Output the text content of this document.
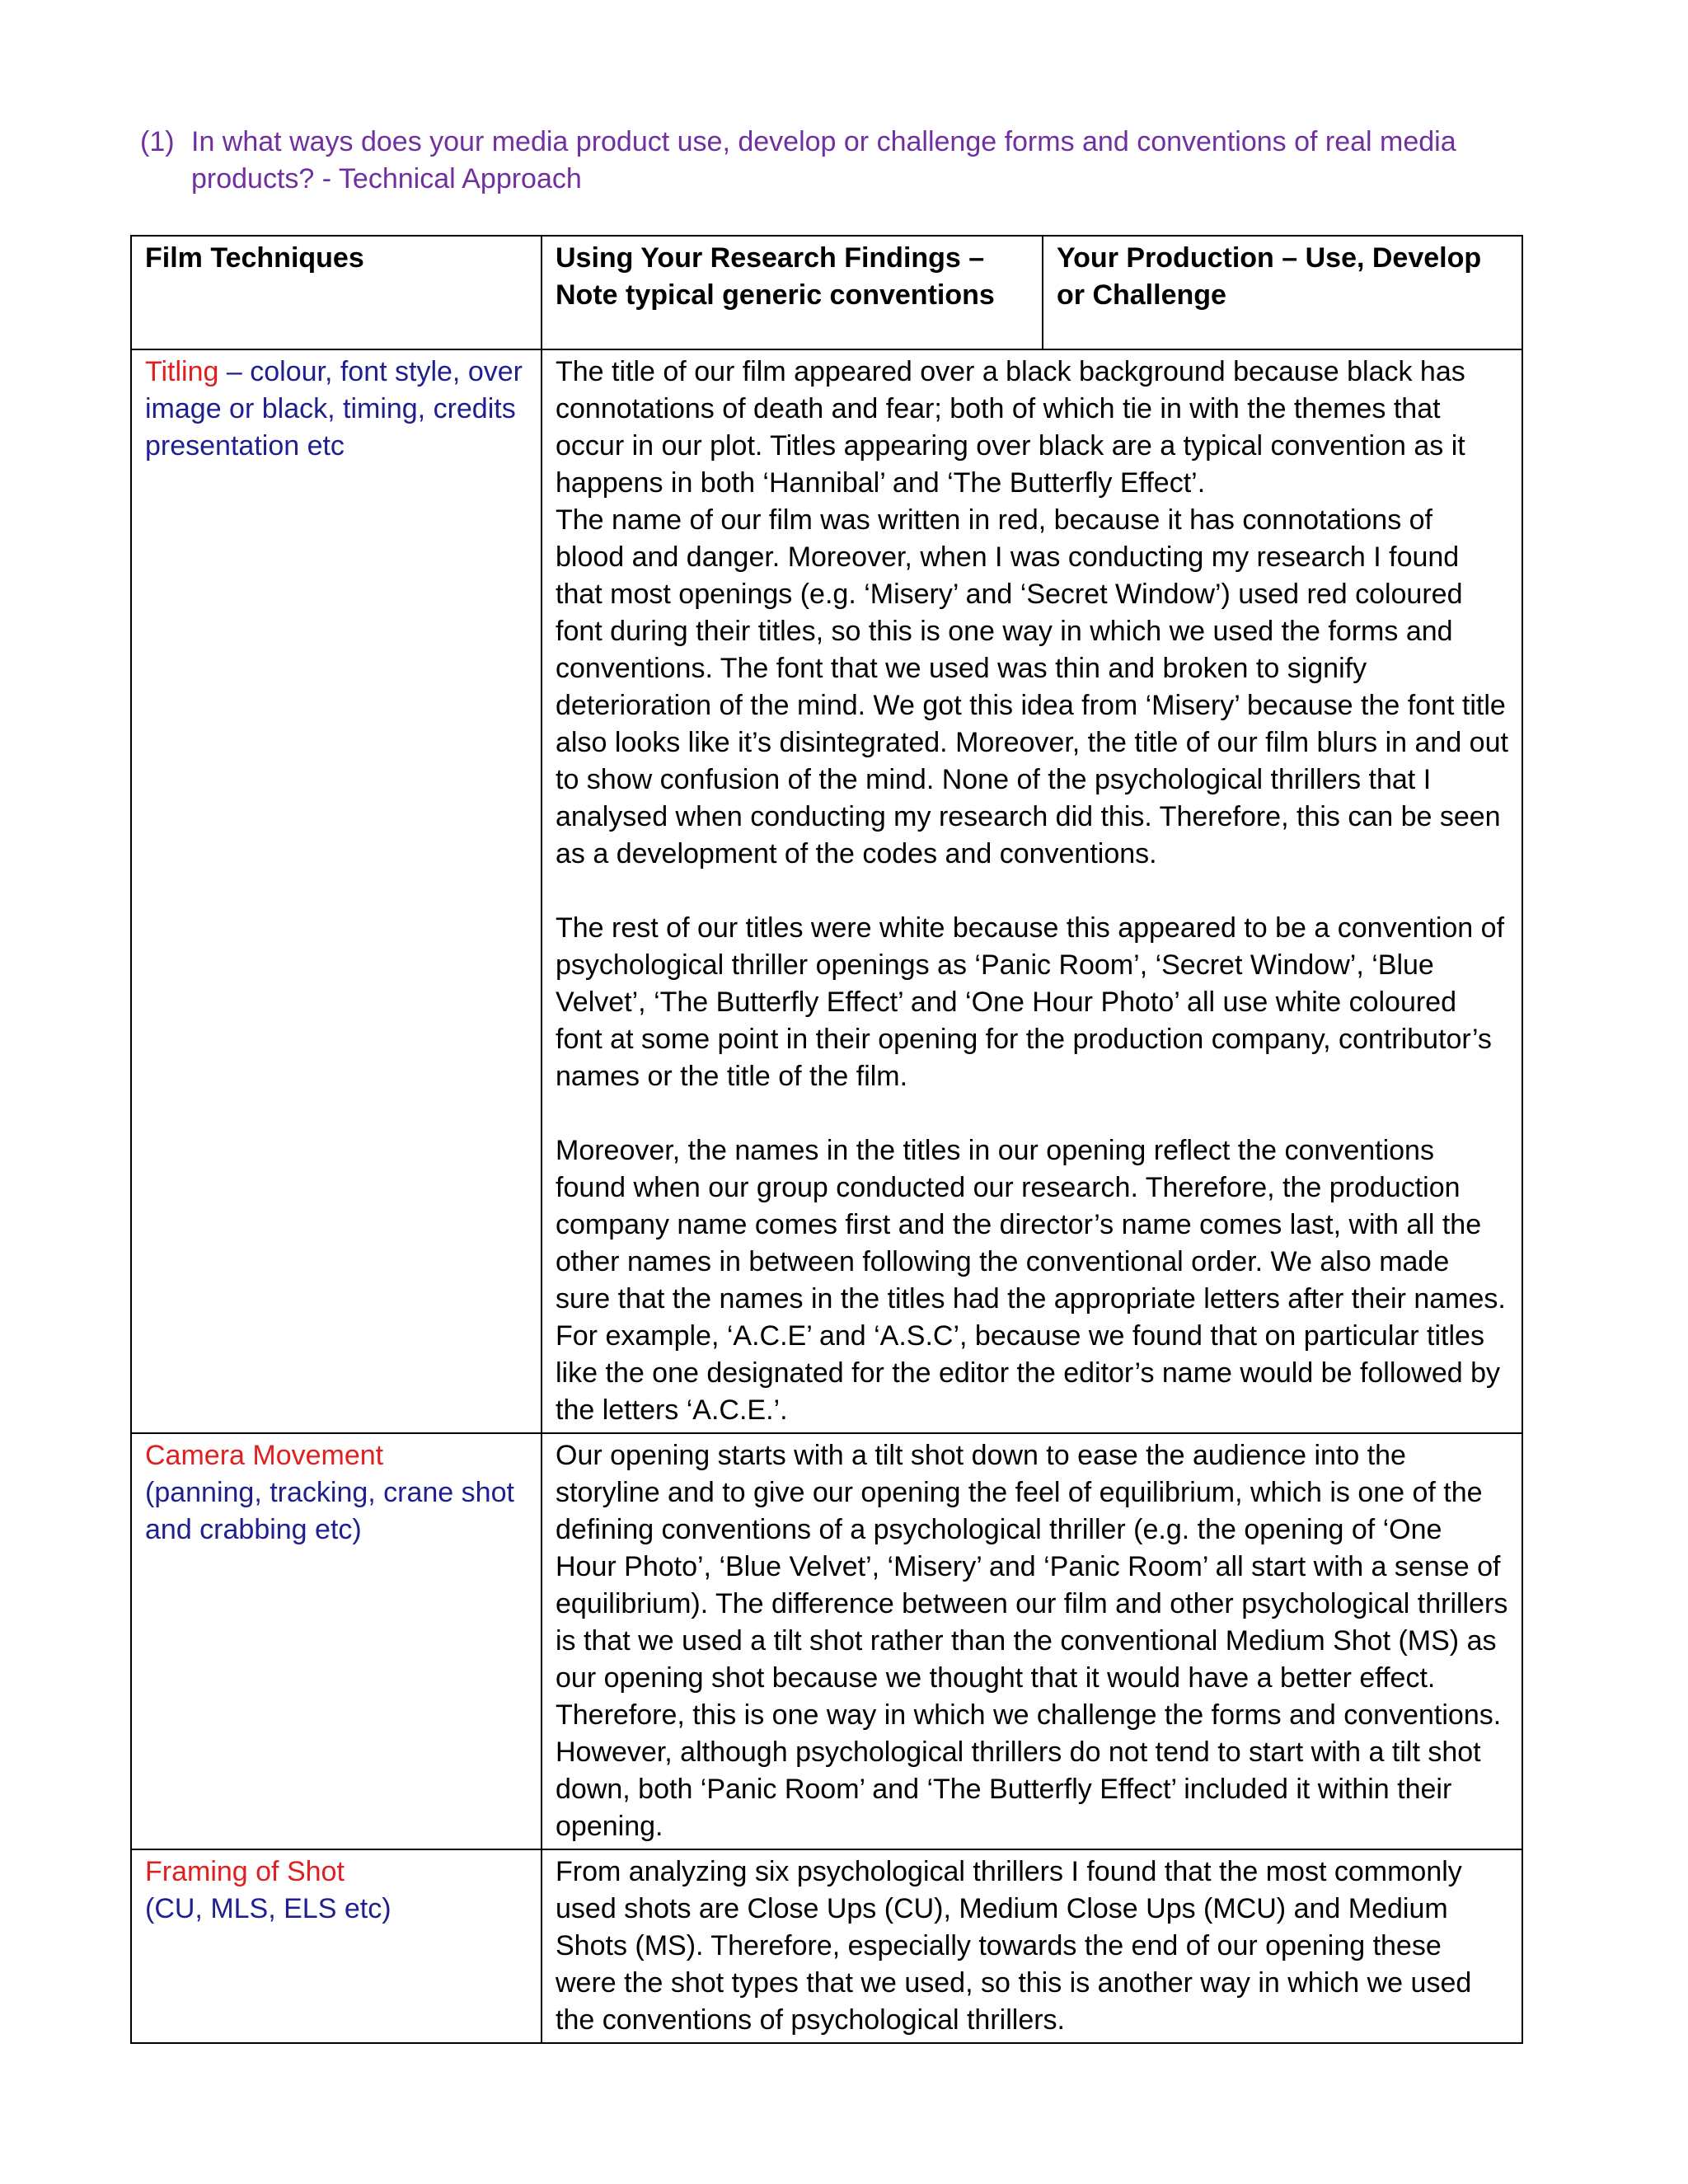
(1) In what ways does your media product use, develop or challenge forms and conventions of real media products? - Technical Approach
Film Techniques	Using Your Research Findings – Note typical generic conventions	Your Production – Use, Develop or Challenge
Titling – colour, font style, over image or black, timing, credits presentation etc	The title of our film appeared over a black background because black has connotations of death and fear; both of which tie in with the themes that occur in our plot. Titles appearing over black are a typical convention as it happens in both ‘Hannibal’ and ‘The Butterfly Effect’.

The name of our film was written in red, because it has connotations of blood and danger. Moreover, when I was conducting my research I found that most openings (e.g. ‘Misery’ and ‘Secret Window’) used red coloured font during their titles, so this is one way in which we used the forms and conventions. The font that we used was thin and broken to signify deterioration of the mind. We got this idea from ‘Misery’ because the font title also looks like it’s disintegrated. Moreover, the title of our film blurs in and out to show confusion of the mind. None of the psychological thrillers that I analysed when conducting my research did this. Therefore, this can be seen as a development of the codes and conventions.

The rest of our titles were white because this appeared to be a convention of psychological thriller openings as ‘Panic Room’, ‘Secret Window’, ‘Blue Velvet’, ‘The Butterfly Effect’ and ‘One Hour Photo’ all use white coloured font at some point in their opening for the production company, contributor’s names or the title of the film.

Moreover, the names in the titles in our opening reflect the conventions found when our group conducted our research. Therefore, the production company name comes first and the director’s name comes last, with all the other names in between following the conventional order. We also made sure that the names in the titles had the appropriate letters after their names. For example, ‘A.C.E’ and ‘A.S.C’, because we found that on particular titles like the one designated for the editor the editor’s name would be followed by the letters ‘A.C.E.’.	

Camera Movement
(panning, tracking, crane shot and crabbing etc)	Our opening starts with a tilt shot down to ease the audience into the storyline and to give our opening the feel of equilibrium, which is one of the defining conventions of a psychological thriller (e.g. the opening of ‘One Hour Photo’, ‘Blue Velvet’, ‘Misery’ and ‘Panic Room’ all start with a sense of equilibrium). The difference between our film and other psychological thrillers is that we used a tilt shot rather than the conventional Medium Shot (MS) as our opening shot because we thought that it would have a better effect. Therefore, this is one way in which we challenge the forms and conventions. However, although psychological thrillers do not tend to start with a tilt shot down, both ‘Panic Room’ and ‘The Butterfly Effect’ included it within their opening.	

Framing of Shot
(CU, MLS, ELS etc)	From analyzing six psychological thrillers I found that the most commonly used shots are Close Ups (CU), Medium Close Ups (MCU) and Medium Shots (MS). Therefore, especially towards the end of our opening these were the shot types that we used, so this is another way in which we used the conventions of psychological thrillers.	
